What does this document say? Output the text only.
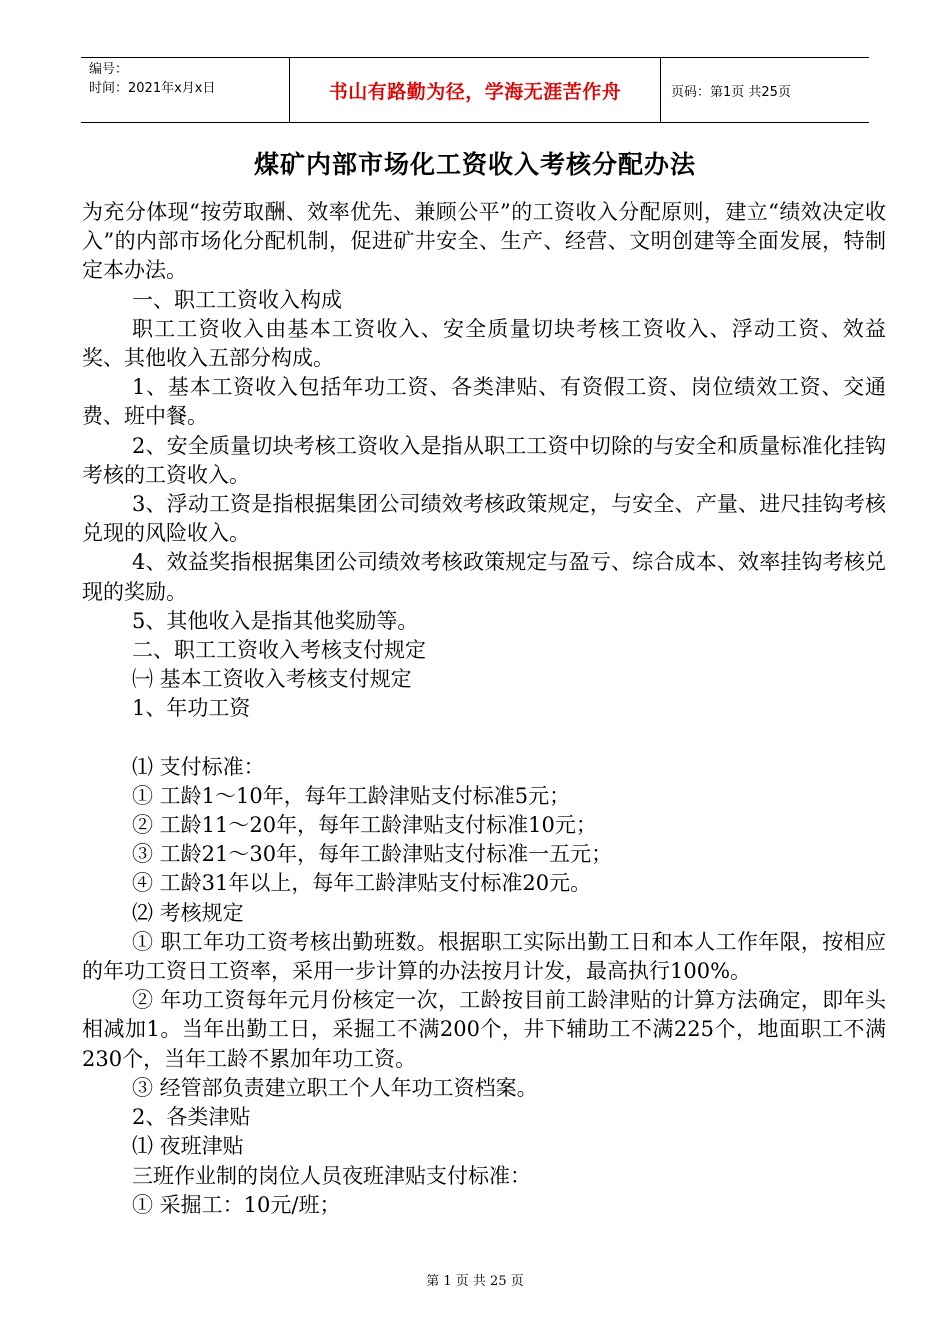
编号：
时间：2021年x月x日	书山有路勤为径，学海无涯苦作舟	页码：第1页 共25页
煤矿内部市场化工资收入考核分配办法

为充分体现“按劳取酬、效率优先、兼顾公平”的工资收入分配原则，建立“绩效决定收入”的内部市场化分配机制，促进矿井安全、生产、经营、文明创建等全面发展，特制定本办法。

一、职工工资收入构成

职工工资收入由基本工资收入、安全质量切块考核工资收入、浮动工资、效益奖、其他收入五部分构成。

1、基本工资收入包括年功工资、各类津贴、有资假工资、岗位绩效工资、交通费、班中餐。

2、安全质量切块考核工资收入是指从职工工资中切除的与安全和质量标准化挂钩考核的工资收入。

3、浮动工资是指根据集团公司绩效考核政策规定，与安全、产量、进尺挂钩考核兑现的风险收入。

4、效益奖指根据集团公司绩效考核政策规定与盈亏、综合成本、效率挂钩考核兑现的奖励。

5、其他收入是指其他奖励等。

二、职工工资收入考核支付规定

㈠ 基本工资收入考核支付规定

1、年功工资

⑴ 支付标准：

① 工龄1～10年，每年工龄津贴支付标准5元；

② 工龄11～20年，每年工龄津贴支付标准10元；

③ 工龄21～30年，每年工龄津贴支付标准一五元；

④ 工龄31年以上，每年工龄津贴支付标准20元。

⑵ 考核规定

① 职工年功工资考核出勤班数。根据职工实际出勤工日和本人工作年限，按相应的年功工资日工资率，采用一步计算的办法按月计发，最高执行100%。

② 年功工资每年元月份核定一次，工龄按目前工龄津贴的计算方法确定，即年头相减加1。当年出勤工日，采掘工不满200个，井下辅助工不满225个，地面职工不满230个，当年工龄不累加年功工资。

③ 经管部负责建立职工个人年功工资档案。

2、各类津贴

⑴ 夜班津贴

三班作业制的岗位人员夜班津贴支付标准：

① 采掘工：10元/班；

第 1 页 共 25 页
